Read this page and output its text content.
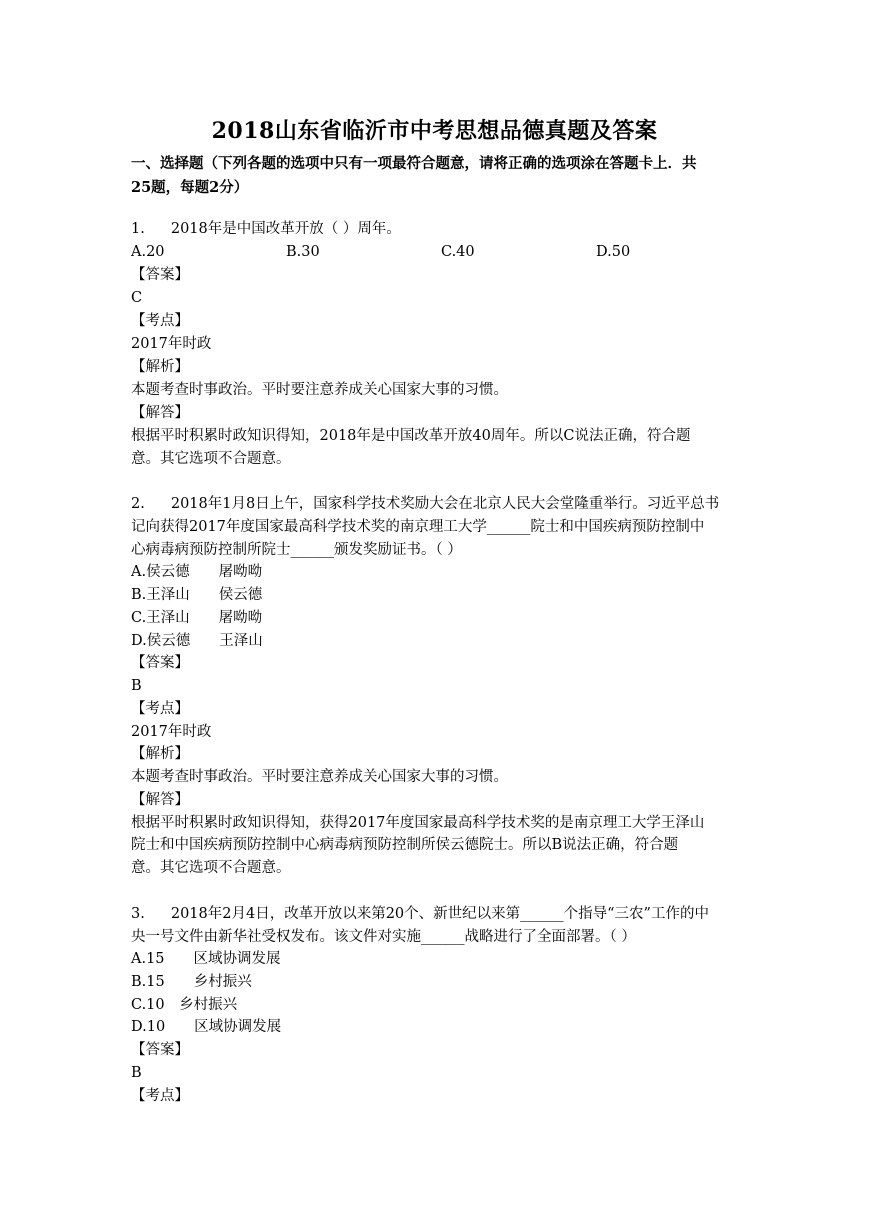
2018山东省临沂市中考思想品德真题及答案
一、选择题（下列各题的选项中只有一项最符合题意，请将正确的选项涂在答题卡上．共
25题，每题2分）
1. 2018年是中国改革开放（ ）周年。
A.20	B.30	C.40	D.50
【答案】
C
【考点】
2017年时政
【解析】
本题考查时事政治。平时要注意养成关心国家大事的习惯。
【解答】
根据平时积累时政知识得知，2018年是中国改革开放40周年。所以C说法正确，符合题
意。其它选项不合题意。
2. 2018年1月8日上午，国家科学技术奖励大会在北京人民大会堂隆重举行。习近平总书
记向获得2017年度国家最高科学技术奖的南京理工大学______院士和中国疾病预防控制中
心病毒病预防控制所院士______颁发奖励证书。（ ）
A.侯云德　　屠呦呦
B.王泽山　　侯云德
C.王泽山　　屠呦呦
D.侯云德　　王泽山
【答案】
B
【考点】
2017年时政
【解析】
本题考查时事政治。平时要注意养成关心国家大事的习惯。
【解答】
根据平时积累时政知识得知，获得2017年度国家最高科学技术奖的是南京理工大学王泽山
院士和中国疾病预防控制中心病毒病预防控制所侯云德院士。所以B说法正确，符合题
意。其它选项不合题意。
3. 2018年2月4日，改革开放以来第20个、新世纪以来第______个指导“三农”工作的中
央一号文件由新华社受权发布。该文件对实施______战略进行了全面部署。（ ）
A.15　　区域协调发展
B.15　　乡村振兴
C.10　乡村振兴
D.10　　区域协调发展
【答案】
B
【考点】
